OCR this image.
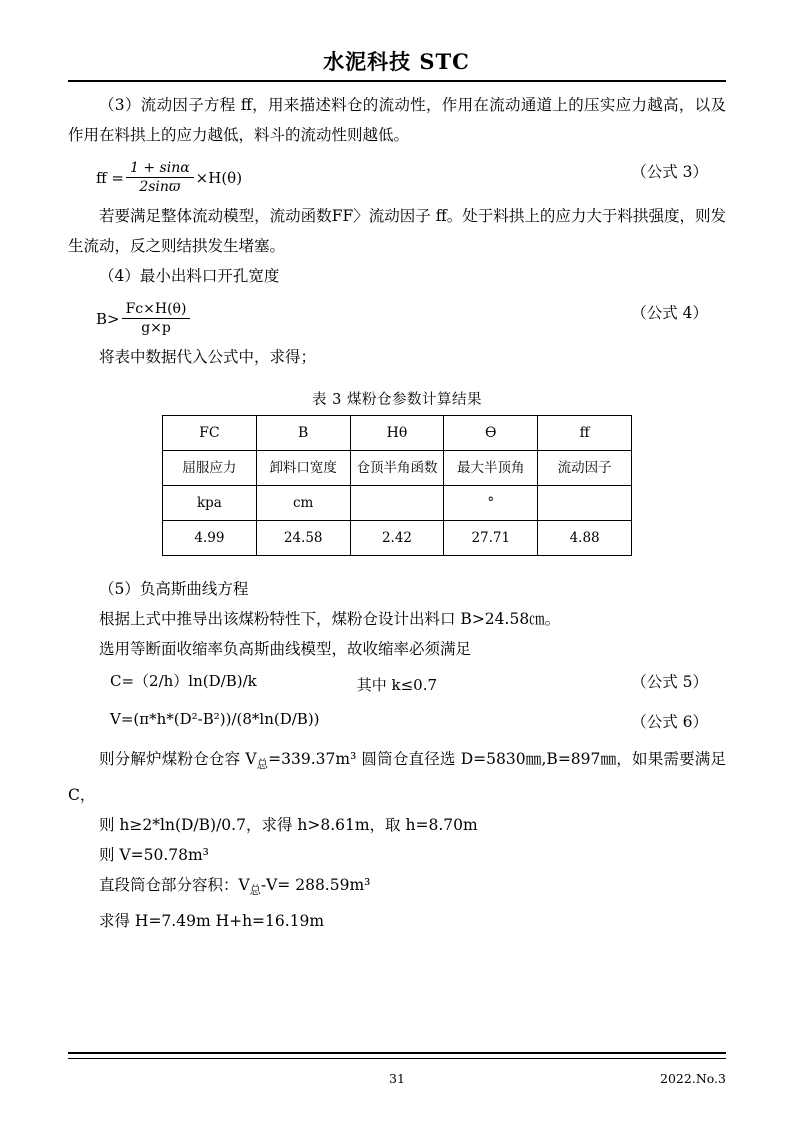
水泥科技 STC

（3）流动因子方程 ff，用来描述料仓的流动性，作用在流动通道上的压实应力越高，以及作用在料拱上的应力越低，料斗的流动性则越低。

ff = $\frac{1 + \sin\alpha}{2\sin ϖ} \times H(\theta)$	（公式 3）

若要满足整体流动模型，流动函数FF〉流动因子 ff。处于料拱上的应力大于料拱强度，则发生流动，反之则结拱发生堵塞。

（4）最小出料口开孔宽度

$B> \frac{Fc\times H(\theta)}{g\times p}$	（公式 4）

将表中数据代入公式中，求得；

表 3 煤粉仓参数计算结果
FC	B	Hθ	ϴ	ff
屈服应力	卸料口宽度	仓顶半角函数	最大半顶角	流动因子
kpa	cm		°	
4.99	24.58	2.42	27.71	4.88

（5）负高斯曲线方程

根据上式中推导出该煤粉特性下，煤粉仓设计出料口 B>24.58㎝。

选用等断面收缩率负高斯曲线模型，故收缩率必须满足

C=（2/h）ln(D/B)/k	其中 k≤0.7	（公式 5）
V=(π*h*(D²-B²))/(8*ln(D/B))	（公式 6）

则分解炉煤粉仓仓容 $V_总=339.37m^3$ 圆筒仓直径选 D=5830㎜,B=897㎜，如果需要满足 C，

则 h≥2*ln(D/B)/0.7，求得 h>8.61m，取 h=8.70m

则 V=50.78m³

直段筒仓部分容积：$V_总-V= 288.59m^3$

求得 H=7.49m H+h=16.19m

31	2022.No.3
